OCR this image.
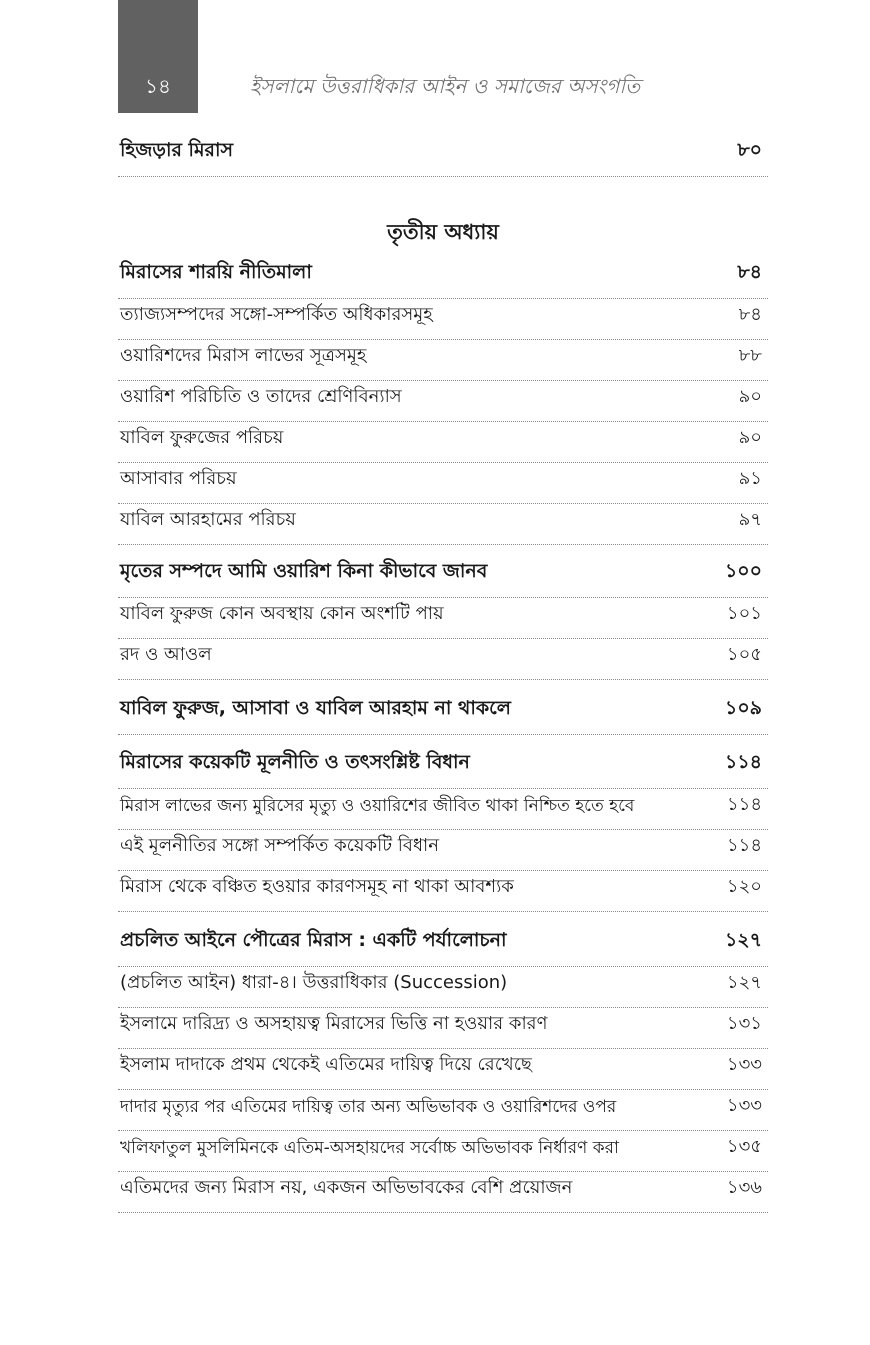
১৪	ইসলামে উত্তরাধিকার আইন ও সমাজের অসংগতি
হিজড়ার মিরাস	৮০
মিরাসের শারয়ি নীতিমালা	৮৪
ত্যাজ্যসম্পদের সঙ্গো-সম্পর্কিত অধিকারসমূহ	৮৪
ওয়ারিশদের মিরাস লাভের সূত্রসমূহ	৮৮
ওয়ারিশ পরিচিতি ও তাদের শ্রেণিবিন্যাস	৯০
যাবিল ফুরুজের পরিচয়	৯০
আসাবার পরিচয়	৯১
যাবিল আরহামের পরিচয়	৯৭
মৃতের সম্পদে আমি ওয়ারিশ কিনা কীভাবে জানব	১০০
যাবিল ফুরুজ কোন অবস্থায় কোন অংশটি পায়	১০১
রদ ও আওল	১০৫
যাবিল ফুরুজ, আসাবা ও যাবিল আরহাম না থাকলে	১০৯
মিরাসের কয়েকটি মূলনীতি ও তৎসংশ্লিষ্ট বিধান	১১৪
মিরাস লাভের জন্য মুরিসের মৃত্যু ও ওয়ারিশের জীবিত থাকা নিশ্চিত হতে হবে	১১৪
এই মূলনীতির সঙ্গো সম্পর্কিত কয়েকটি বিধান	১১৪
মিরাস থেকে বঞ্চিত হওয়ার কারণসমূহ না থাকা আবশ্যক	১২০
প্রচলিত আইনে পৌত্রের মিরাস : একটি পর্যালোচনা	১২৭
(প্রচলিত আইন) ধারা-৪। উত্তরাধিকার (Succession)	১২৭
ইসলামে দারিদ্র্য ও অসহায়ত্ব মিরাসের ভিত্তি না হওয়ার কারণ	১৩১
ইসলাম দাদাকে প্রথম থেকেই এতিমের দায়িত্ব দিয়ে রেখেছে	১৩৩
দাদার মৃত্যুর পর এতিমের দায়িত্ব তার অন্য অভিভাবক ও ওয়ারিশদের ওপর	১৩৩
খলিফাতুল মুসলিমিনকে এতিম-অসহায়দের সর্বোচ্চ অভিভাবক নির্ধারণ করা	১৩৫
এতিমদের জন্য মিরাস নয়, একজন অভিভাবকের বেশি প্রয়োজন	১৩৬
তৃতীয় অধ্যায়
